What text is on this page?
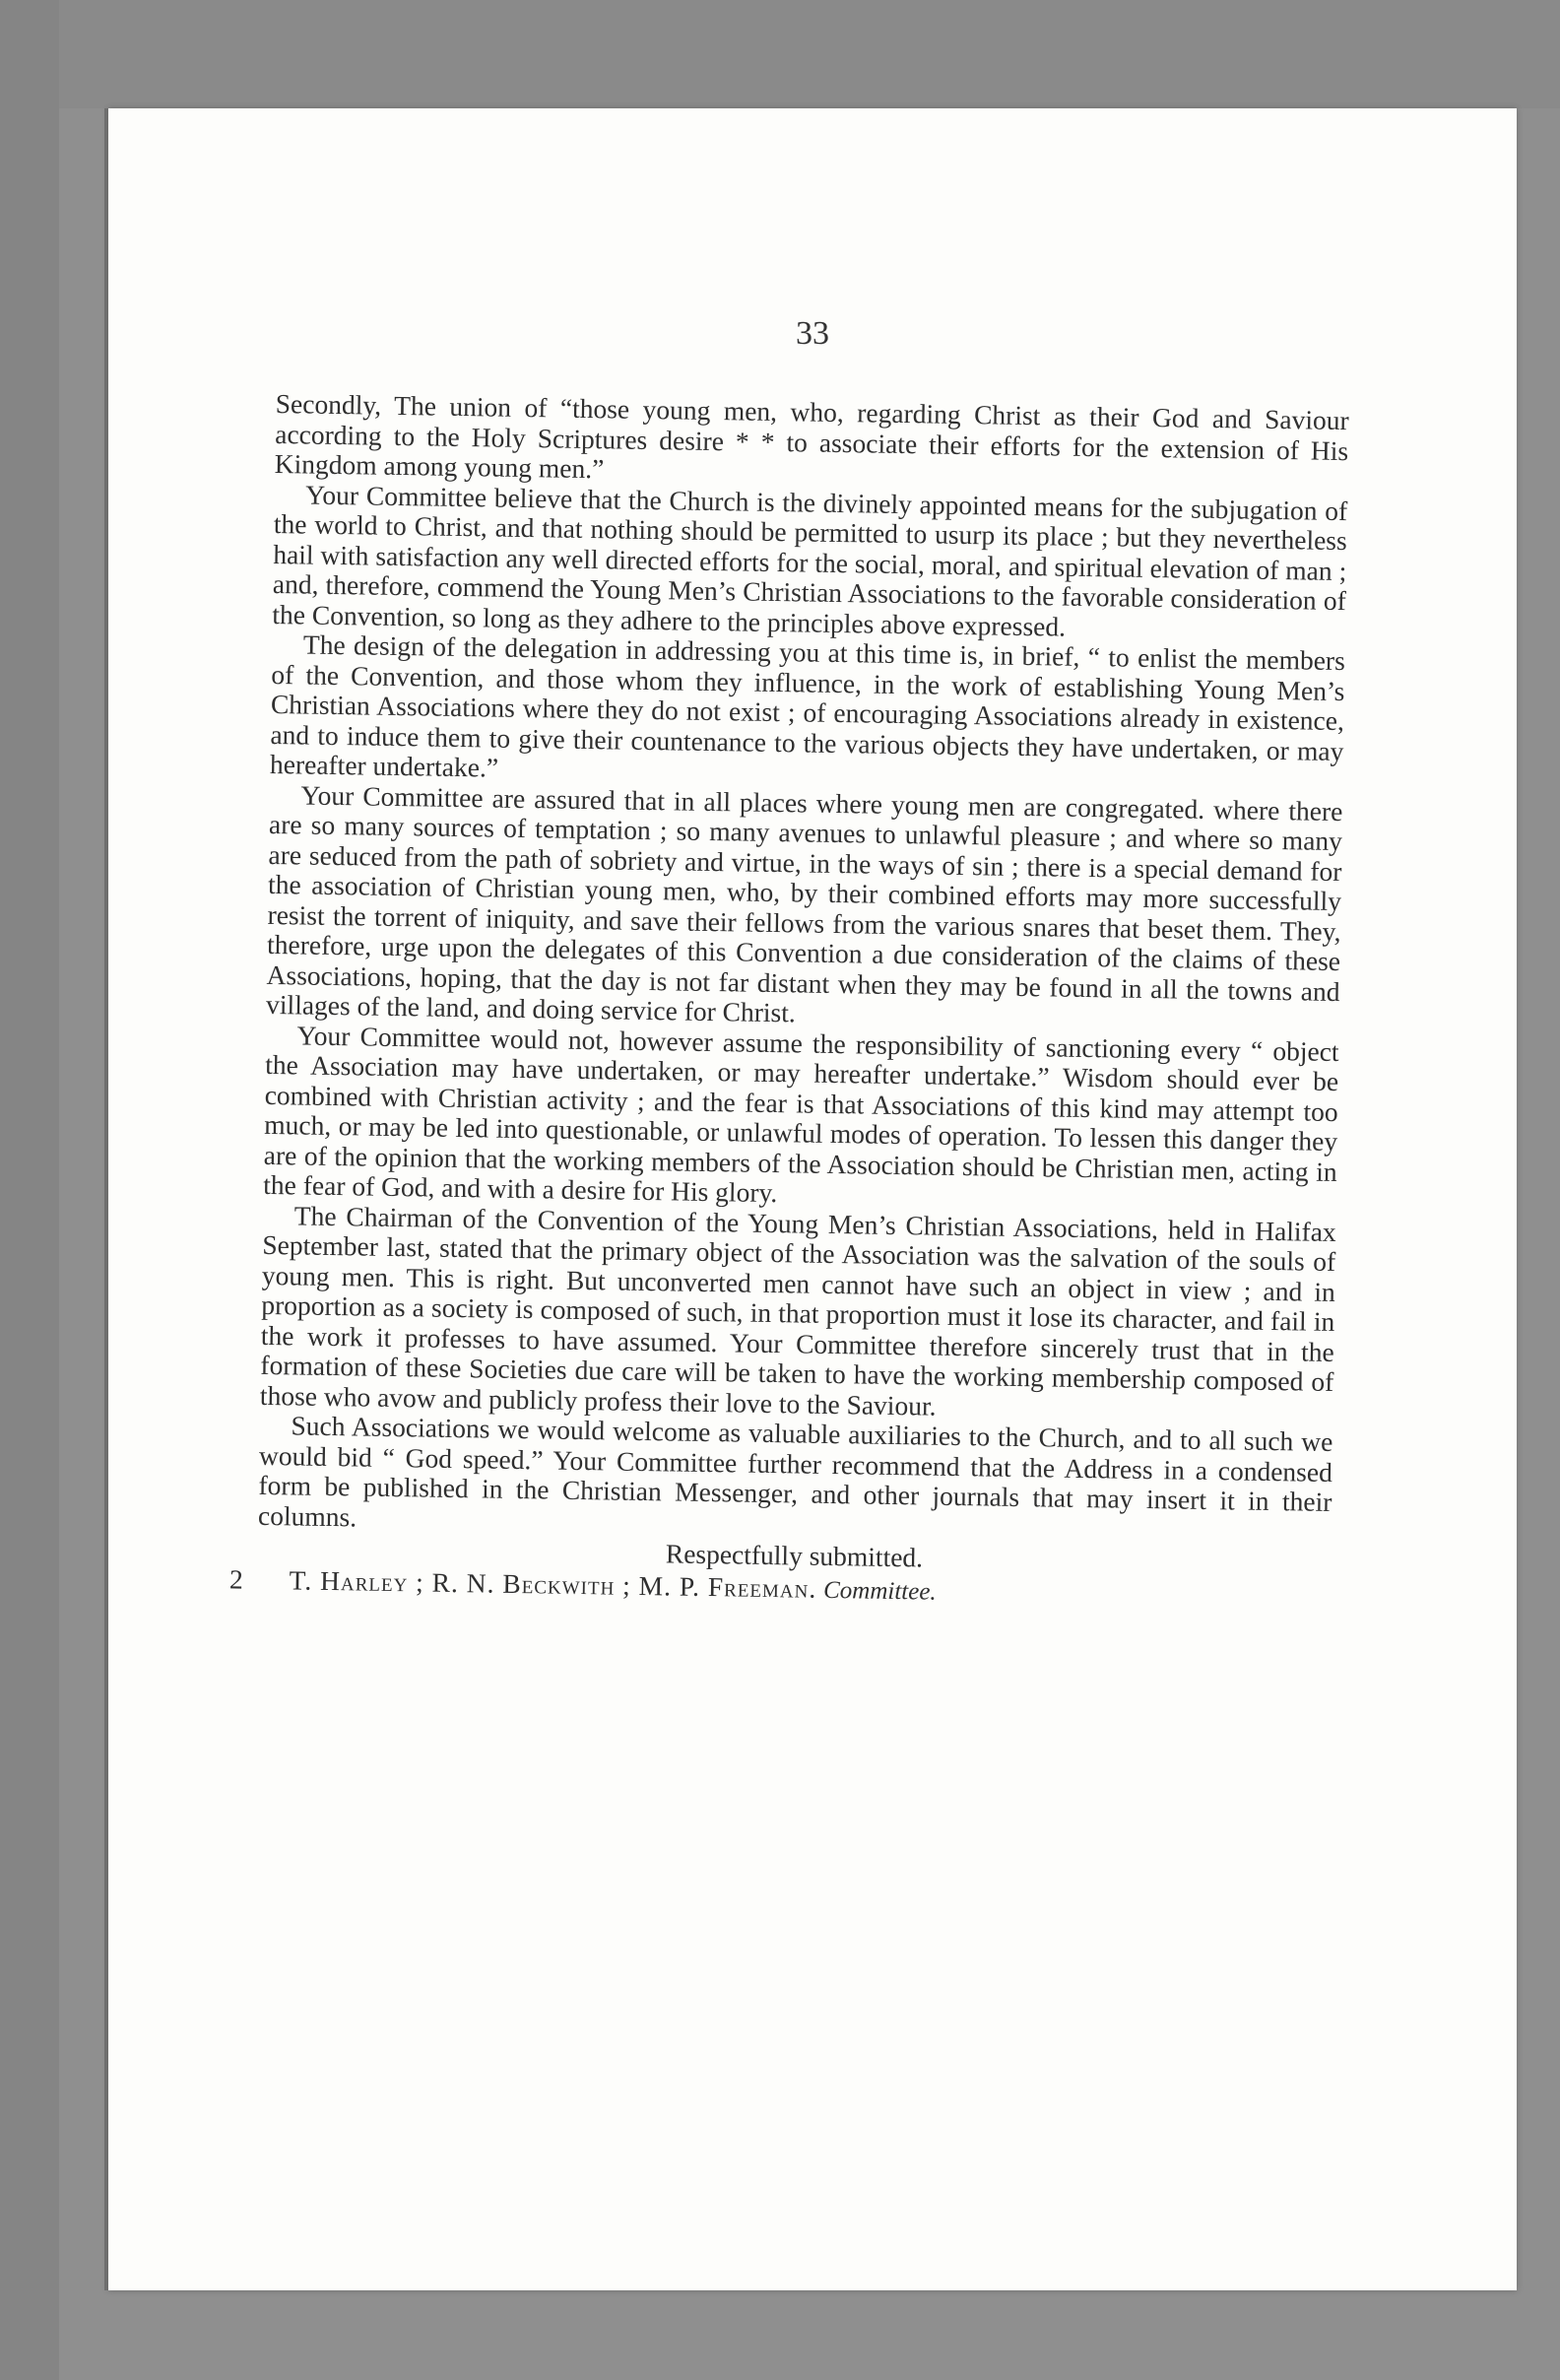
33

Secondly, The union of “those young men, who, regarding Christ as their God and Saviour according to the Holy Scriptures desire * * to associate their efforts for the extension of His Kingdom among young men.”

Your Committee believe that the Church is the divinely appointed means for the subjugation of the world to Christ, and that nothing should be permitted to usurp its place ; but they nevertheless hail with satisfaction any well directed efforts for the social, moral, and spiritual elevation of man ; and, therefore, commend the Young Men’s Christian Associations to the favorable consideration of the Convention, so long as they adhere to the principles above expressed.

The design of the delegation in addressing you at this time is, in brief, “ to enlist the members of the Convention, and those whom they influence, in the work of establishing Young Men’s Christian Associations where they do not exist ; of encouraging Associations already in existence, and to induce them to give their countenance to the various objects they have undertaken, or may hereafter undertake.”

Your Committee are assured that in all places where young men are congregated. where there are so many sources of temptation ; so many avenues to unlawful pleasure ; and where so many are seduced from the path of sobriety and virtue, in the ways of sin ; there is a special demand for the association of Christian young men, who, by their combined efforts may more successfully resist the torrent of iniquity, and save their fellows from the various snares that beset them. They, therefore, urge upon the delegates of this Convention a due consideration of the claims of these Associations, hoping, that the day is not far distant when they may be found in all the towns and villages of the land, and doing service for Christ.

Your Committee would not, however assume the responsibility of sanctioning every “ object the Association may have undertaken, or may hereafter undertake.” Wisdom should ever be combined with Christian activity ; and the fear is that Associations of this kind may attempt too much, or may be led into questionable, or unlawful modes of operation. To lessen this danger they are of the opinion that the working members of the Association should be Christian men, acting in the fear of God, and with a desire for His glory.

The Chairman of the Convention of the Young Men’s Christian Associations, held in Halifax September last, stated that the primary object of the Association was the salvation of the souls of young men. This is right. But unconverted men cannot have such an object in view ; and in proportion as a society is composed of such, in that proportion must it lose its character, and fail in the work it professes to have assumed. Your Committee therefore sincerely trust that in the formation of these Societies due care will be taken to have the working membership composed of those who avow and publicly profess their love to the Saviour.

Such Associations we would welcome as valuable auxiliaries to the Church, and to all such we would bid “ God speed.” Your Committee further recommend that the Address in a condensed form be published in the Christian Messenger, and other journals that may insert it in their columns.

Respectfully submitted.

2 T. Harley ; R. N. Beckwith ; M. P. Freeman. Committee.
